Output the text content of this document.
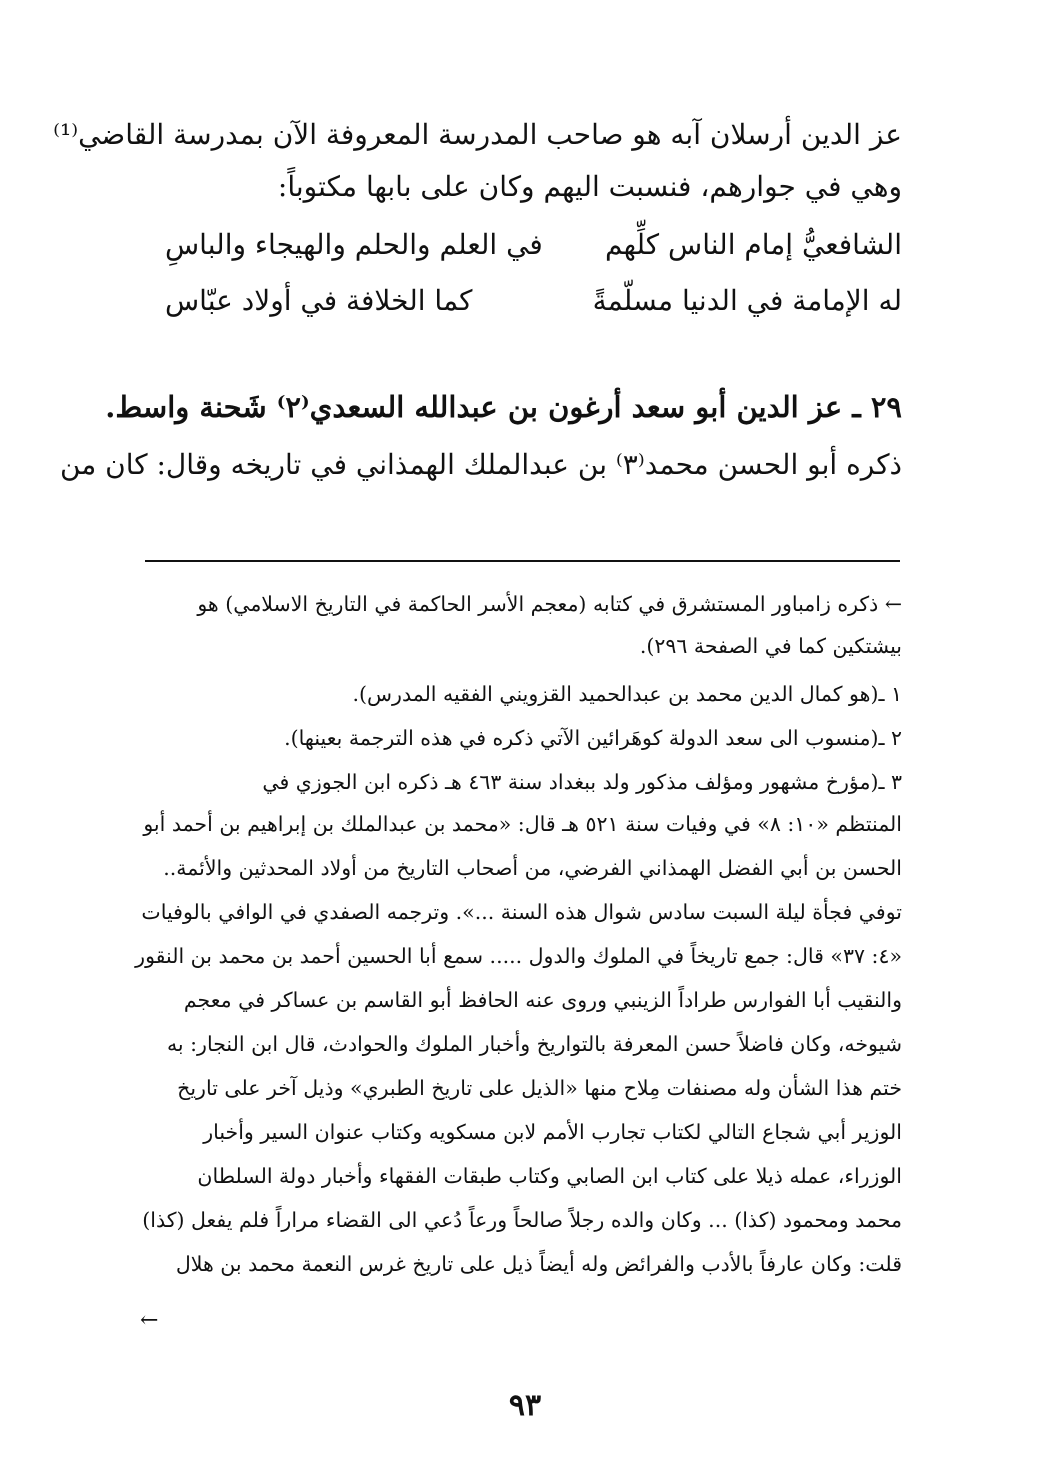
عز الدين أرسلان آبه هو صاحب المدرسة المعروفة الآن بمدرسة القاضي⁽¹⁾
وهي في جوارهم، فنسبت اليهم وكان على بابها مكتوباً:
الشافعيُّ إمام الناس كلِّهم
في العلم والحلم والهيجاء والباسِ
له الإمامة في الدنيا مسلّمةً
كما الخلافة في أولاد عبّاس
٢٩ ـ عز الدين أبو سعد أرغون بن عبدالله السعدي⁽٢⁾ شَحنة واسط.
ذكره أبو الحسن محمد⁽٣⁾ بن عبدالملك الهمذاني في تاريخه وقال: كان من
← ذكره زامباور المستشرق في كتابه (معجم الأسر الحاكمة في التاريخ الاسلامي) هو
بيشتكين كما في الصفحة ٢٩٦).
١ ـ(هو كمال الدين محمد بن عبدالحميد القزويني الفقيه المدرس).
٢ ـ(منسوب الى سعد الدولة كوهَرائين الآتي ذكره في هذه الترجمة بعينها).
٣ ـ(مؤرخ مشهور ومؤلف مذكور ولد ببغداد سنة ٤٦٣ هـ ذكره ابن الجوزي في
المنتظم «١٠: ٨» في وفيات سنة ٥٢١ هـ قال: «محمد بن عبدالملك بن إبراهيم بن أحمد أبو
الحسن بن أبي الفضل الهمذاني الفرضي، من أصحاب التاريخ من أولاد المحدثين والأئمة..
توفي فجأة ليلة السبت سادس شوال هذه السنة ...». وترجمه الصفدي في الوافي بالوفيات
«٤: ٣٧» قال: جمع تاريخاً في الملوك والدول ..... سمع أبا الحسين أحمد بن محمد بن النقور
والنقيب أبا الفوارس طراداً الزينبي وروى عنه الحافظ أبو القاسم بن عساكر في معجم
شيوخه، وكان فاضلاً حسن المعرفة بالتواريخ وأخبار الملوك والحوادث، قال ابن النجار: به
ختم هذا الشأن وله مصنفات مِلاح منها «الذيل على تاريخ الطبري» وذيل آخر على تاريخ
الوزير أبي شجاع التالي لكتاب تجارب الأمم لابن مسكويه وكتاب عنوان السير وأخبار
الوزراء، عمله ذيلا على كتاب ابن الصابي وكتاب طبقات الفقهاء وأخبار دولة السلطان
محمد ومحمود (كذا) ... وكان والده رجلاً صالحاً ورعاً دُعي الى القضاء مراراً فلم يفعل (كذا)
قلت: وكان عارفاً بالأدب والفرائض وله أيضاً ذيل على تاريخ غرس النعمة محمد بن هلال
←
٩٣
